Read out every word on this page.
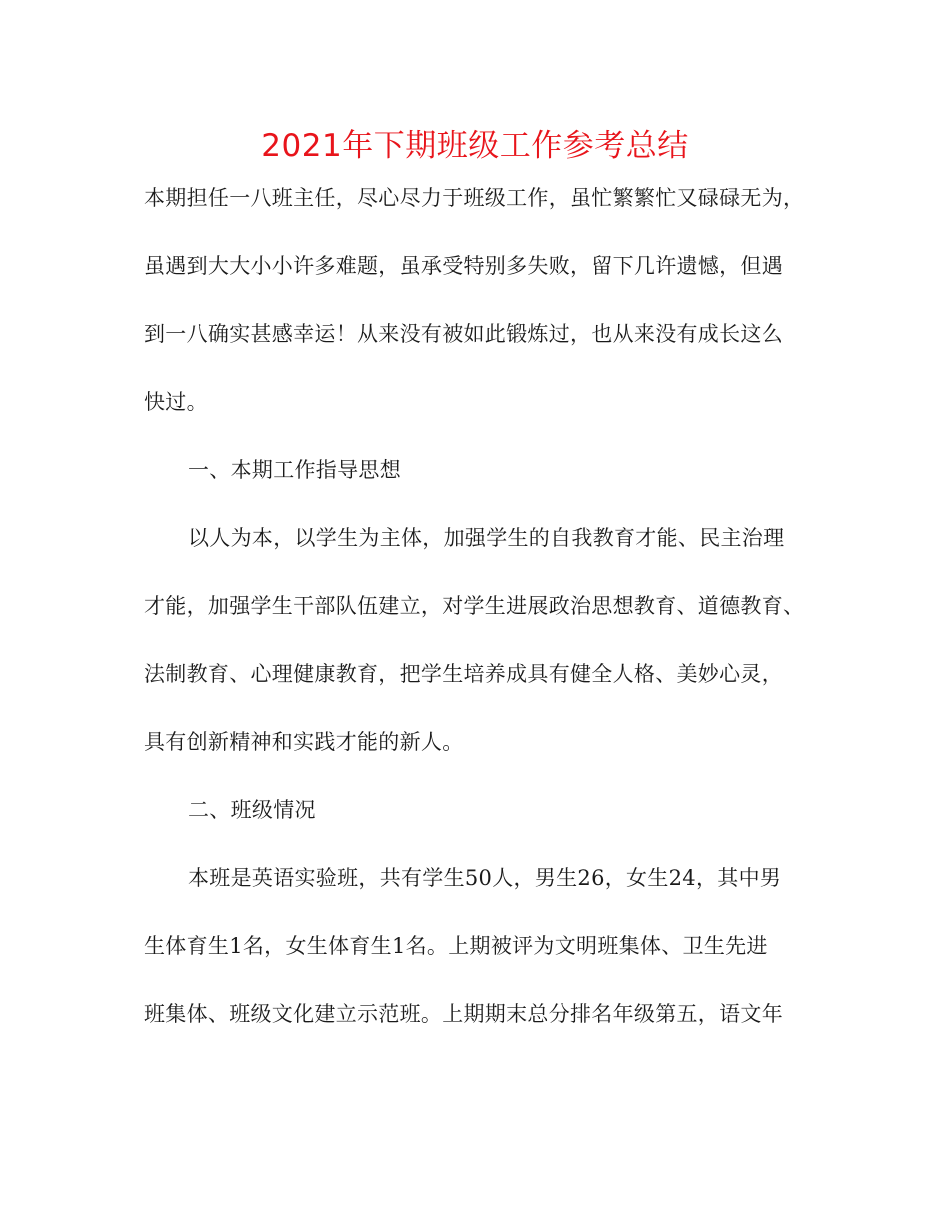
2021年下期班级工作参考总结
本期担任一八班主任，尽心尽力于班级工作，虽忙繁繁忙又碌碌无为，
虽遇到大大小小许多难题，虽承受特别多失败，留下几许遗憾，但遇
到一八确实甚感幸运！从来没有被如此锻炼过，也从来没有成长这么
快过。
一、本期工作指导思想
以人为本，以学生为主体，加强学生的自我教育才能、民主治理
才能，加强学生干部队伍建立，对学生进展政治思想教育、道德教育、
法制教育、心理健康教育，把学生培养成具有健全人格、美妙心灵，
具有创新精神和实践才能的新人。
二、班级情况
本班是英语实验班，共有学生50人，男生26，女生24，其中男
生体育生1名，女生体育生1名。上期被评为文明班集体、卫生先进
班集体、班级文化建立示范班。上期期末总分排名年级第五，语文年
